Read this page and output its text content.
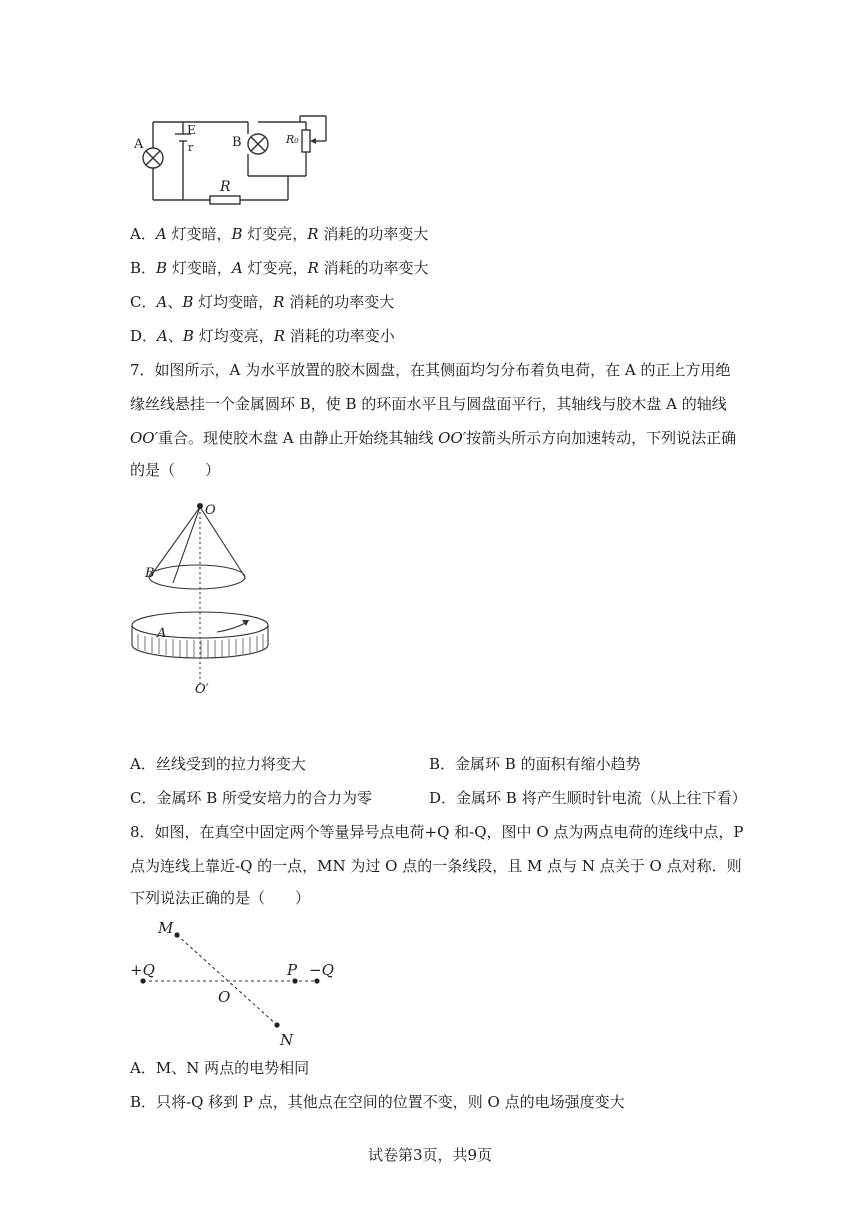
A
E
r	B	R₀
R
A．A 灯变暗，B 灯变亮，R 消耗的功率变大
B．B 灯变暗，A 灯变亮，R 消耗的功率变大
C．A、B 灯均变暗，R 消耗的功率变大
D．A、B 灯均变亮，R 消耗的功率变小
7．如图所示，A 为水平放置的胶木圆盘，在其侧面均匀分布着负电荷，在 A 的正上方用绝
缘丝线悬挂一个金属圆环 B，使 B 的环面水平且与圆盘面平行，其轴线与胶木盘 A 的轴线
OO′重合。现使胶木盘 A 由静止开始绕其轴线 OO′按箭头所示方向加速转动，下列说法正确
的是（　　）
O
B
A
O′
A．丝线受到的拉力将变大	B．金属环 B 的面积有缩小趋势
C．金属环 B 所受安培力的合力为零	D．金属环 B 将产生顺时针电流（从上往下看）
8．如图，在真空中固定两个等量异号点电荷+Q 和-Q，图中 O 点为两点电荷的连线中点，P
点为连线上靠近-Q 的一点，MN 为过 O 点的一条线段，且 M 点与 N 点关于 O 点对称．则
下列说法正确的是（　　）
M
N
O
P
+Q	−Q
A．M、N 两点的电势相同
B．只将-Q 移到 P 点，其他点在空间的位置不变，则 O 点的电场强度变大
试卷第3页，共9页
